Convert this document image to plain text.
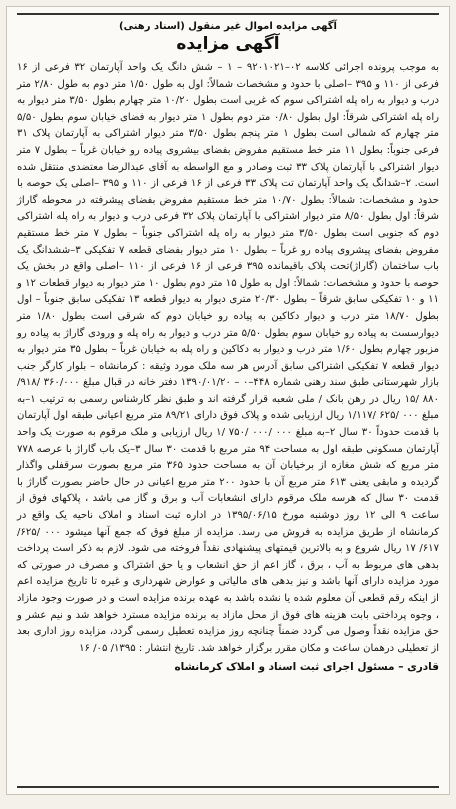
آگهی مزایده اموال غیر منقول (اسناد رهنی)
آگهی مزایده

به موجب پرونده اجرائی کلاسه ۰۲–۹۲۰۱۰۲۱ – ۱ – شش دانگ یک واحد آپارتمان ۳۲ فرعی از ۱۶ فرعی از ۱۱۰ و ۳۹۵ –اصلی با حدود و مشخصات شمالاً: اول به طول ۱/۵۰ متر دوم به طول ۲/۸۰ متر درب و دیوار به راه پله اشتراکی سوم که غربی است بطول ۱۰/۲۰ متر چهارم بطول ۳/۵۰ متر دیوار به راه پله اشتراکی شرقاً: اول بطول ۰/۸۰ متر دوم بطول ۱ متر دیوار به فضای خیابان سوم بطول ۵/۵۰ متر چهارم که شمالی است بطول ۱ متر پنجم بطول ۳/۵۰ متر دیوار اشتراکی به آپارتمان پلاک ۳۱ فرعی جنوباً: بطول ۱۱ متر خط مستقیم مفروض بفضای بیشروی پیاده رو خیابان غرباً – بطول ۷ متر دیوار اشتراکی با آپارتمان پلاک ۳۳ ثبت وصادر و مع الواسطه به آقای عبدالرضا معتضدی منتقل شده است. ۲–شدانگ یک واحد آپارتمان تت پلاک ۳۳ فرعی از ۱۶ فرعی از ۱۱۰ و ۳۹۵ –اصلی یک حوصه با حدود و مشخصات: شمالاً: بطول ۱۰/۷۰ متر خط مستقیم مفروض بفضای پیشرفته در محوطه گاراژ شرقاً: اول بطول ۸/۵۰ متر دیوار اشتراکی با آپارتمان پلاک ۳۲ فرعی درب و دیوار به راه پله اشتراکی دوم که جنوبی است بطول ۳/۵۰ متر دیوار به راه پله اشتراکی جنوباً – بطول ۷ متر خط مستقیم مفروض بفضای پیشروی پیاده رو غرباً – بطول ۱۰ متر دیوار بفضای قطعه ۷ تفکیکی ۳–ششدانگ یک باب ساختمان (گاراژ)تحت پلاک باقیمانده ۳۹۵ فرعی از ۱۶ فرعی از ۱۱۰ –اصلی واقع در بخش یک حوصه با حدود و مشخصات: شمالاً: اول به طول ۱۵ متر دوم بطول ۱۰ متر دیوار به دیوار قطعات ۱۲ و ۱۱ و ۱۰ تفکیکی سابق شرقاً – بطول ۲۰/۳۰ متری دیوار به دیوار قطعه ۱۳ تفکیکی سابق جنوباً – اول بطول ۱۸/۷۰ متر درب و دیوار دکاکین به پیاده رو خیابان دوم که شرقی است بطول ۱/۸۰ متر دیوارسست به پیاده رو خیابان سوم بطول ۵/۵۰ متر درب و دیوار به راه پله و ورودی گاراژ به پیاده رو مزبور چهارم بطول ۱/۶۰ متر درب و دیوار به دکاکین و راه پله به خیابان غرباً – بطول ۳۵ متر دیوار به دیوار قطعه ۷ تفکیکی اشتراکی سابق آدرس هر سه ملک مورد وثیقه : کرمانشاه – بلوار کارگر جنب بازار شهرستانی طبق سند رهنی شماره ۴۴۸–۰ – ۱۳۹۰/۰۱/۲۰ دفتر خانه در قبال مبلغ ۳۶۰/۰۰۰ /۹۱۸/ ۸۸۰ /۱۵ ریال در رهن بانک / ملی شعبه قرار گرفته اند و طبق نظر کارشناس رسمی به ترتیب ۱–به مبلغ ۰۰۰ /۶۲۵ /۱/۱۱۷ ریال ارزیابی شده و پلاک فوق دارای ۸۹/۲۱ متر مربع اعیانی طبقه اول آپارتمان با قدمت حدوداً ۳۰ سال ۲–به مبلغ ۰۰۰ /۰۰۰ /۷۵۰ /۱ ریال ارزیابی و ملک مرقوم به صورت یک واحد آپارتمان مسکونی طبقه اول به مساحت ۹۴ متر مربع با قدمت ۳۰ سال ۳–یک باب گاراژ با عرصه ۷۷۸ متر مربع که شش مغازه از برخیابان آن به مساحت حدود ۳۶۵ متر مربع بصورت سرقفلی واگذار گردیده و مابقی یعنی ۶۱۳ متر مربع آن با حدود ۲۰۰ متر مربع اعیانی در حال حاضر بصورت گاراژ با قدمت ۳۰ سال که هرسه ملک مرقوم دارای انشعابات آب و برق و گاز می باشد ، پلاکهای فوق از ساعت ۹ الی ۱۲ روز دوشنبه مورخ ۱۳۹۵/۰۶/۱۵ در اداره ثبت اسناد و املاک ناحیه یک واقع در کرمانشاه از طریق مزایده به فروش می رسد. مزایده از مبلغ فوق که جمع آنها میشود ۰۰۰ /۶۲۵/ ۶۱۷/ ۱۷ ریال شروع و به بالاترین قیمتهای پیشنهادی نقداً فروخته می شود. لازم به ذکر است پرداخت بدهی های مربوط به آب ، برق ، گاز اعم از حق انشعاب و یا حق اشتراک و مصرف در صورتی که مورد مزایده دارای آنها باشد و نیز بدهی های مالیاتی و عوارض شهرداری و غیره تا تاریخ مزایده اعم از اینکه رقم قطعی آن معلوم شده یا نشده باشد به عهده برنده مزایده است و در صورت وجود مازاد ، وجوه پرداختی بابت هزینه های فوق از محل مازاد به برنده مزایده مسترد خواهد شد و نیم عشر و حق مزایده نقداً وصول می گردد ضمناً چنانچه روز مزایده تعطیل رسمی گردد، مزایده روز اداری بعد از تعطیلی درهمان ساعت و مکان مقرر برگزار خواهد شد. تاریخ انتشار : ۱۳۹۵/ ۰۵/ ۱۶

قادری – مسئول اجرای ثبت اسناد و املاک کرمانشاه
